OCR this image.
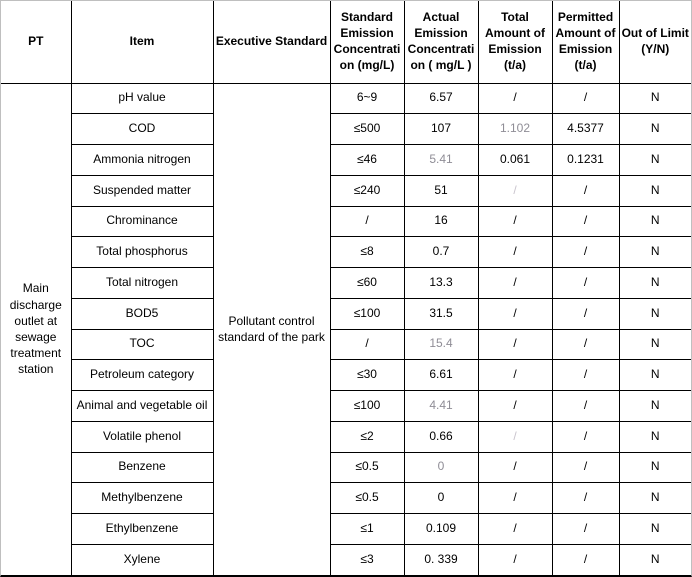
PT	Item	Executive Standard	Standard Emission Concentration (mg/L)	Actual Emission Concentration ( mg/L )	Total Amount of Emission (t/a)	Permitted Amount of Emission (t/a)	Out of Limit (Y/N)
Main discharge outlet at sewage treatment station	pH value	Pollutant control standard of the park	6~9	6.57	/	/	N
	COD		≤500	107	1.102	4.5377	N
	Ammonia nitrogen		≤46	5.41	0.061	0.1231	N
	Suspended matter		≤240	51	/	/	N
	Chrominance		/	16	/	/	N
	Total phosphorus		≤8	0.7	/	/	N
	Total nitrogen		≤60	13.3	/	/	N
	BOD5		≤100	31.5	/	/	N
	TOC		/	15.4	/	/	N
	Petroleum category		≤30	6.61	/	/	N
	Animal and vegetable oil		≤100	4.41	/	/	N
	Volatile phenol		≤2	0.66	/	/	N
	Benzene		≤0.5	0	/	/	N
	Methylbenzene		≤0.5	0	/	/	N
	Ethylbenzene		≤1	0.109	/	/	N
	Xylene		≤3	0. 339	/	/	N
